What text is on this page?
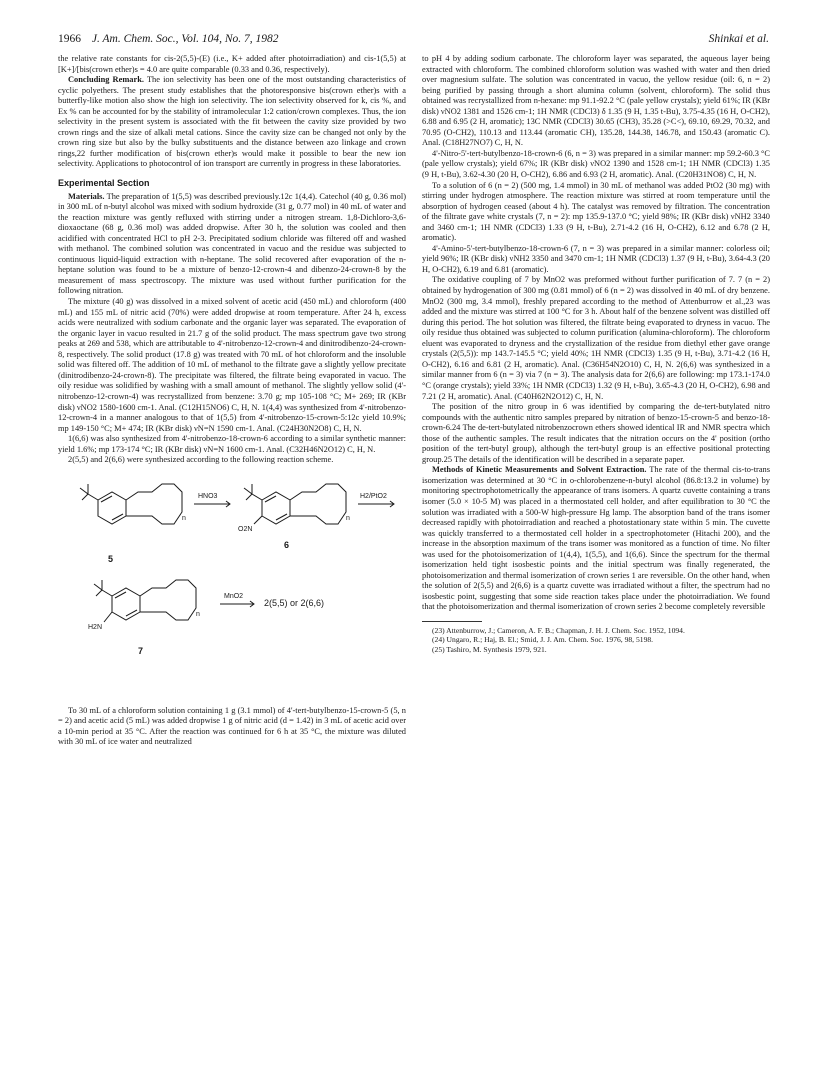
1966 J. Am. Chem. Soc., Vol. 104, No. 7, 1982	Shinkai et al.

the relative rate constants for cis-2(5,5)-(E) (i.e., K+ added after photoirradiation) and cis-1(5,5) at [K+]/[bis(crown ether)s = 4.0 are quite comparable (0.33 and 0.36, respectively).

Concluding Remark. The ion selectivity has been one of the most outstanding characteristics of cyclic polyethers. The present study establishes that the photoresponsive bis(crown ether)s with a butterfly-like motion also show the high ion selectivity. The ion selectivity observed for k, cis %, and Ex % can be accounted for by the stability of intramolecular 1:2 cation/crown complexes. Thus, the ion selectivity in the present system is associated with the fit between the cavity size provided by two crown rings and the size of alkali metal cations. Since the cavity size can be changed not only by the crown ring size but also by the bulky substituents and the distance between azo linkage and crown rings,22 further modification of bis(crown ether)s would make it possible to bear the new ion selectivity. Applications to photocontrol of ion transport are currently in progress in these laboratories.

Experimental Section

Materials. The preparation of 1(5,5) was described previously.12c 1(4,4). Catechol (40 g, 0.36 mol) in 300 mL of n-butyl alcohol was mixed with sodium hydroxide (31 g, 0.77 mol) in 40 mL of water and the reaction mixture was gently refluxed with stirring under a nitrogen stream. 1,8-Dichloro-3,6-dioxaoctane (68 g, 0.36 mol) was added dropwise. After 30 h, the solution was cooled and then acidified with concentrated HCl to pH 2-3. Precipitated sodium chloride was filtered off and washed with methanol. The combined solution was concentrated in vacuo and the residue was subjected to continuous liquid-liquid extraction with n-heptane. The solid recovered after evaporation of the n-heptane solution was found to be a mixture of benzo-12-crown-4 and dibenzo-24-crown-8 by the measurement of mass spectroscopy. The mixture was used without further purification for the following nitration.

The mixture (40 g) was dissolved in a mixed solvent of acetic acid (450 mL) and chloroform (400 mL) and 155 mL of nitric acid (70%) were added dropwise at room temperature. After 24 h, excess acids were neutralized with sodium carbonate and the organic layer was separated. The evaporation of the organic layer in vacuo resulted in 21.7 g of the solid product. The mass spectrum gave two strong peaks at 269 and 538, which are attributable to 4'-nitrobenzo-12-crown-4 and dinitrodibenzo-24-crown-8, respectively. The solid product (17.8 g) was treated with 70 mL of hot chloroform and the insoluble solid was filtered off. The addition of 10 mL of methanol to the filtrate gave a slightly yellow precitate (dinitrodibenzo-24-crown-8). The precipitate was filtered, the filtrate being evaporated in vacuo. The oily residue was solidified by washing with a small amount of methanol. The slightly yellow solid (4'-nitrobenzo-12-crown-4) was recrystallized from benzene: 3.70 g; mp 105-108 °C; M+ 269; IR (KBr disk) νNO2 1580-1600 cm-1. Anal. (C12H15NO6) C, H, N. 1(4,4) was synthesized from 4'-nitrobenzo-12-crown-4 in a manner analogous to that of 1(5,5) from 4'-nitrobenzo-15-crown-5:12c yield 10.9%; mp 149-150 °C; M+ 474; IR (KBr disk) νN=N 1590 cm-1. Anal. (C24H30N2O8) C, H, N.

1(6,6) was also synthesized from 4'-nitrobenzo-18-crown-6 according to a similar synthetic manner: yield 1.6%; mp 173-174 °C; IR (KBr disk) νN=N 1600 cm-1. Anal. (C32H46N2O12) C, H, N.

2(5,5) and 2(6,6) were synthesized according to the following reaction scheme.

HNO3	H2/PtO2
MnO2
n	n
n
O2N
H2N
5
6
7
2(5,5) or 2(6,6)

To 30 mL of a chloroform solution containing 1 g (3.1 mmol) of 4'-tert-butylbenzo-15-crown-5 (5, n = 2) and acetic acid (5 mL) was added dropwise 1 g of nitric acid (d = 1.42) in 3 mL of acetic acid over a 10-min period at 35 °C. After the reaction was continued for 6 h at 35 °C, the mixture was diluted with 30 mL of ice water and neutralized

to pH 4 by adding sodium carbonate. The chloroform layer was separated, the aqueous layer being extracted with chloroform. The combined chloroform solution was washed with water and then dried over magnesium sulfate. The solution was concentrated in vacuo, the yellow residue (oil: 6, n = 2) being purified by passing through a short alumina column (solvent, chloroform). The solid thus obtained was recrystallized from n-hexane: mp 91.1-92.2 °C (pale yellow crystals); yield 61%; IR (KBr disk) νNO2 1381 and 1526 cm-1; 1H NMR (CDCl3) δ 1.35 (9 H, 1.35 t-Bu), 3.75-4.35 (16 H, O-CH2), 6.88 and 6.95 (2 H, aromatic); 13C NMR (CDCl3) 30.65 (CH3), 35.28 (>C<), 69.10, 69.29, 70.32, and 70.95 (O-CH2), 110.13 and 113.44 (aromatic CH), 135.28, 144.38, 146.78, and 150.43 (aromatic C). Anal. (C18H27NO7) C, H, N.

4'-Nitro-5'-tert-butylbenzo-18-crown-6 (6, n = 3) was prepared in a similar manner: mp 59.2-60.3 °C (pale yellow crystals); yield 67%; IR (KBr disk) νNO2 1390 and 1528 cm-1; 1H NMR (CDCl3) 1.35 (9 H, t-Bu), 3.62-4.30 (20 H, O-CH2), 6.86 and 6.93 (2 H, aromatic). Anal. (C20H31NO8) C, H, N.

To a solution of 6 (n = 2) (500 mg, 1.4 mmol) in 30 mL of methanol was added PtO2 (30 mg) with stirring under hydrogen atmosphere. The reaction mixture was stirred at room temperature until the absorption of hydrogen ceased (about 4 h). The catalyst was removed by filtration. The concentration of the filtrate gave white crystals (7, n = 2): mp 135.9-137.0 °C; yield 98%; IR (KBr disk) νNH2 3340 and 3460 cm-1; 1H NMR (CDCl3) 1.33 (9 H, t-Bu), 2.71-4.2 (16 H, O-CH2), 6.12 and 6.78 (2 H, aromatic).

4'-Amino-5'-tert-butylbenzo-18-crown-6 (7, n = 3) was prepared in a similar manner: colorless oil; yield 96%; IR (KBr disk) νNH2 3350 and 3470 cm-1; 1H NMR (CDCl3) 1.37 (9 H, t-Bu), 3.64-4.3 (20 H, O-CH2), 6.19 and 6.81 (aromatic).

The oxidative coupling of 7 by MnO2 was preformed without further purification of 7. 7 (n = 2) obtained by hydrogenation of 300 mg (0.81 mmol) of 6 (n = 2) was dissolved in 40 mL of dry benzene. MnO2 (300 mg, 3.4 mmol), freshly prepared according to the method of Attenburrow et al.,23 was added and the mixture was stirred at 100 °C for 3 h. About half of the benzene solvent was distilled off during this period. The hot solution was filtered, the filtrate being evaporated to dryness in vacuo. The oily residue thus obtained was subjected to column purification (alumina-chloroform). The chloroform eluent was evaporated to dryness and the crystallization of the residue from diethyl ether gave orange crystals (2(5,5)): mp 143.7-145.5 °C; yield 40%; 1H NMR (CDCl3) 1.35 (9 H, t-Bu), 3.71-4.2 (16 H, O-CH2), 6.16 and 6.81 (2 H, aromatic). Anal. (C36H54N2O10) C, H, N. 2(6,6) was synthesized in a similar manner from 6 (n = 3) via 7 (n = 3). The analysis data for 2(6,6) are following: mp 173.1-174.0 °C (orange crystals); yield 33%; 1H NMR (CDCl3) 1.32 (9 H, t-Bu), 3.65-4.3 (20 H, O-CH2), 6.98 and 7.21 (2 H, aromatic). Anal. (C40H62N2O12) C, H, N.

The position of the nitro group in 6 was identified by comparing the de-tert-butylated nitro compounds with the authentic nitro samples prepared by nitration of benzo-15-crown-5 and benzo-18-crown-6.24 The de-tert-butylated nitrobenzocrown ethers showed identical IR and NMR spectra which those of the authentic samples. The result indicates that the nitration occurs on the 4' position (ortho position of the tert-butyl group), although the tert-butyl group is an effective positional protecting group.25 The details of the identification will be described in a separate paper.

Methods of Kinetic Measurements and Solvent Extraction. The rate of the thermal cis-to-trans isomerization was determined at 30 °C in o-chlorobenzene-n-butyl alcohol (86.8:13.2 in volume) by monitoring spectrophotometrically the appearance of trans isomers. A quartz cuvette containing a trans isomer (5.0 × 10-5 M) was placed in a thermostated cell holder, and after equilibration to 30 °C the solution was irradiated with a 500-W high-pressure Hg lamp. The absorption band of the trans isomer decreased rapidly with photoirradiation and reached a photostationary state within 5 min. The cuvette was quickly transferred to a thermostated cell holder in a spectrophotometer (Hitachi 200), and the increase in the absorption maximum of the trans isomer was monitored as a function of time. No filter was used for the photoisomerization of 1(4,4), 1(5,5), and 1(6,6). Since the spectrum for the thermal isomerization held tight isosbestic points and the initial spectrum was finally regenerated, the photoisomerization and thermal isomerization of crown series 1 are reversible. On the other hand, when the solution of 2(5,5) and 2(6,6) is a quartz cuvette was irradiated without a filter, the spectrum had no isosbestic point, suggesting that some side reaction takes place under the photoirradiation. We found that the photoisomerization and thermal isomerization of crown series 2 become completely reversible

(23) Attenburrow, J.; Cameron, A. F. B.; Chapman, J. H. J. Chem. Soc. 1952, 1094.

(24) Ungaro, R.; Haj, B. El.; Smid, J. J. Am. Chem. Soc. 1976, 98, 5198.

(25) Tashiro, M. Synthesis 1979, 921.
